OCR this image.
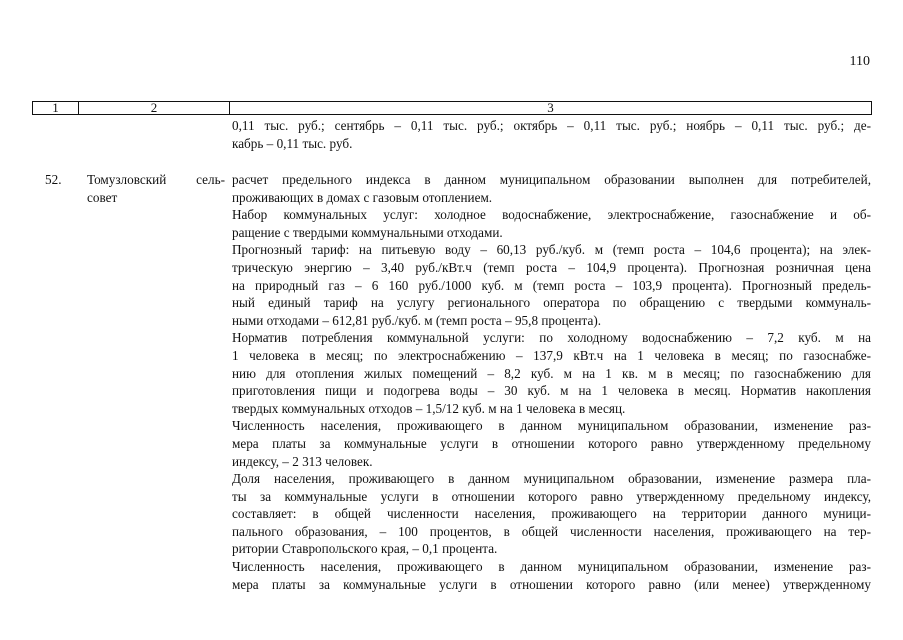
110
1	2	3

0,11 тыс. руб.; сентябрь – 0,11 тыс. руб.; октябрь – 0,11 тыс. руб.; ноябрь – 0,11 тыс. руб.; де-
кабрь – 0,11 тыс. руб.

52. Томузловский сель-
совет

расчет предельного индекса в данном муниципальном образовании выполнен для потребителей,
проживающих в домах с газовым отоплением.

Набор коммунальных услуг: холодное водоснабжение, электроснабжение, газоснабжение и об-
ращение с твердыми коммунальными отходами.

Прогнозный тариф: на питьевую воду – 60,13 руб./куб. м (темп роста – 104,6 процента); на элек-
трическую энергию – 3,40 руб./кВт.ч (темп роста – 104,9 процента). Прогнозная розничная цена
на природный газ – 6 160 руб./1000 куб. м (темп роста – 103,9 процента). Прогнозный предель-
ный единый тариф на услугу регионального оператора по обращению с твердыми коммуналь-
ными отходами – 612,81 руб./куб. м (темп роста – 95,8 процента).

Норматив потребления коммунальной услуги: по холодному водоснабжению – 7,2 куб. м на
1 человека в месяц; по электроснабжению – 137,9 кВт.ч на 1 человека в месяц; по газоснабже-
нию для отопления жилых помещений – 8,2 куб. м на 1 кв. м в месяц; по газоснабжению для
приготовления пищи и подогрева воды – 30 куб. м на 1 человека в месяц. Норматив накопления
твердых коммунальных отходов – 1,5/12 куб. м на 1 человека в месяц.

Численность населения, проживающего в данном муниципальном образовании, изменение раз-
мера платы за коммунальные услуги в отношении которого равно утвержденному предельному
индексу, – 2 313 человек.

Доля населения, проживающего в данном муниципальном образовании, изменение размера пла-
ты за коммунальные услуги в отношении которого равно утвержденному предельному индексу,
составляет: в общей численности населения, проживающего на территории данного муници-
пального образования, – 100 процентов, в общей численности населения, проживающего на тер-
ритории Ставропольского края, – 0,1 процента.

Численность населения, проживающего в данном муниципальном образовании, изменение раз-
мера платы за коммунальные услуги в отношении которого равно (или менее) утвержденному
